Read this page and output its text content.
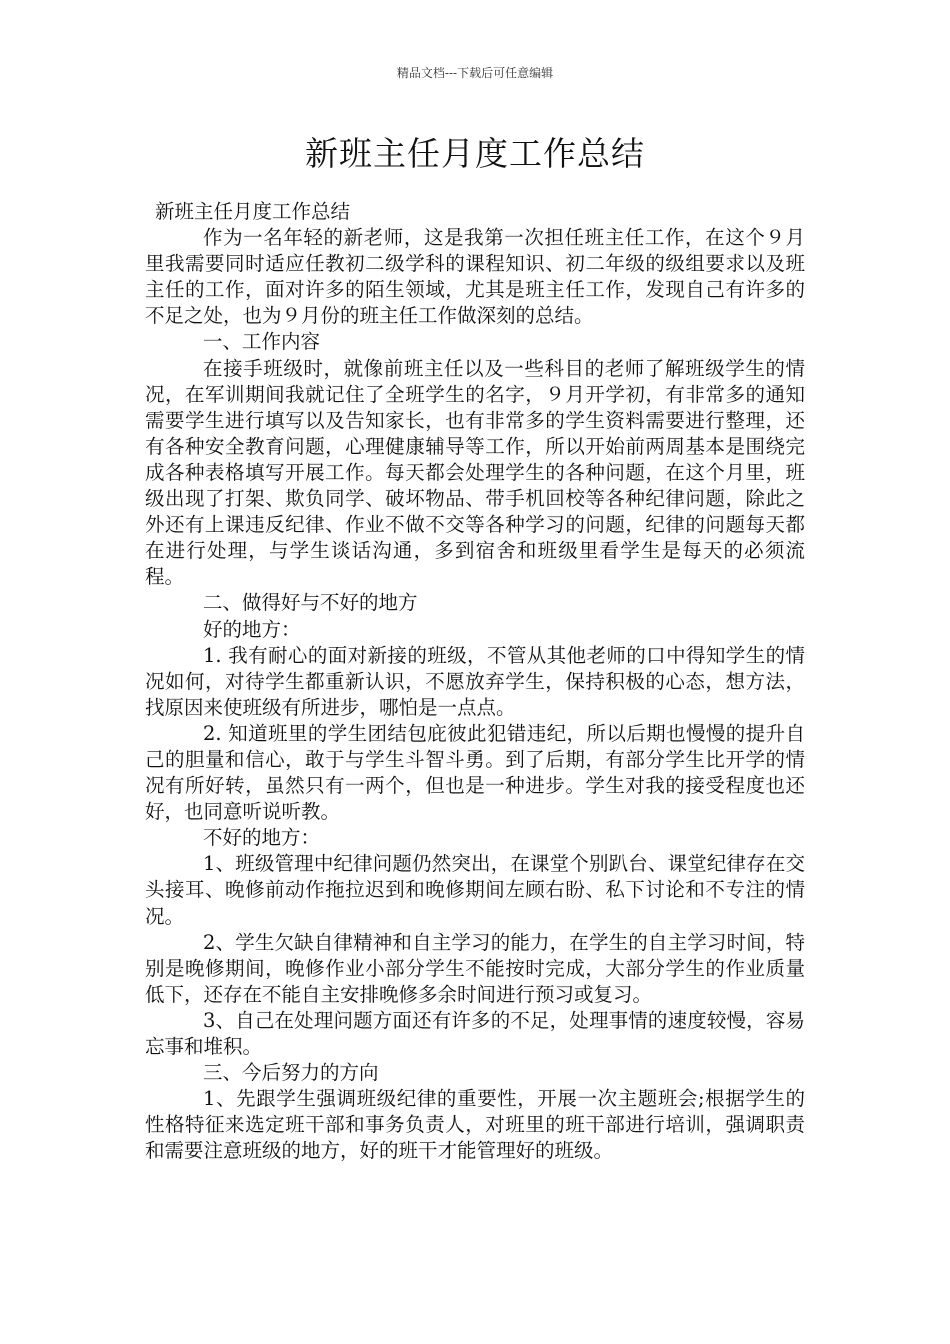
精品文档---下载后可任意编辑
新班主任月度工作总结

新班主任月度工作总结

作为一名年轻的新老师，这是我第一次担任班主任工作，在这个９月里我需要同时适应任教初二级学科的课程知识、初二年级的级组要求以及班主任的工作，面对许多的陌生领域，尤其是班主任工作，发现自己有许多的不足之处，也为９月份的班主任工作做深刻的总结。

一、工作内容

在接手班级时，就像前班主任以及一些科目的老师了解班级学生的情况，在军训期间我就记住了全班学生的名字，９月开学初，有非常多的通知需要学生进行填写以及告知家长，也有非常多的学生资料需要进行整理，还有各种安全教育问题，心理健康辅导等工作，所以开始前两周基本是围绕完成各种表格填写开展工作。每天都会处理学生的各种问题，在这个月里，班级出现了打架、欺负同学、破坏物品、带手机回校等各种纪律问题，除此之外还有上课违反纪律、作业不做不交等各种学习的问题，纪律的问题每天都在进行处理，与学生谈话沟通，多到宿舍和班级里看学生是每天的必须流程。

二、做得好与不好的地方

好的地方：

1. 我有耐心的面对新接的班级，不管从其他老师的口中得知学生的情况如何，对待学生都重新认识，不愿放弃学生，保持积极的心态，想方法，找原因来使班级有所进步，哪怕是一点点。

2. 知道班里的学生团结包庇彼此犯错违纪，所以后期也慢慢的提升自己的胆量和信心，敢于与学生斗智斗勇。到了后期，有部分学生比开学的情况有所好转，虽然只有一两个，但也是一种进步。学生对我的接受程度也还好，也同意听说听教。

不好的地方：

1、班级管理中纪律问题仍然突出，在课堂个别趴台、课堂纪律存在交头接耳、晚修前动作拖拉迟到和晚修期间左顾右盼、私下讨论和不专注的情况。

2、学生欠缺自律精神和自主学习的能力，在学生的自主学习时间，特别是晚修期间，晚修作业小部分学生不能按时完成，大部分学生的作业质量低下，还存在不能自主安排晚修多余时间进行预习或复习。

3、自己在处理问题方面还有许多的不足，处理事情的速度较慢，容易忘事和堆积。

三、今后努力的方向

1、先跟学生强调班级纪律的重要性，开展一次主题班会;根据学生的性格特征来选定班干部和事务负责人，对班里的班干部进行培训，强调职责和需要注意班级的地方，好的班干才能管理好的班级。
